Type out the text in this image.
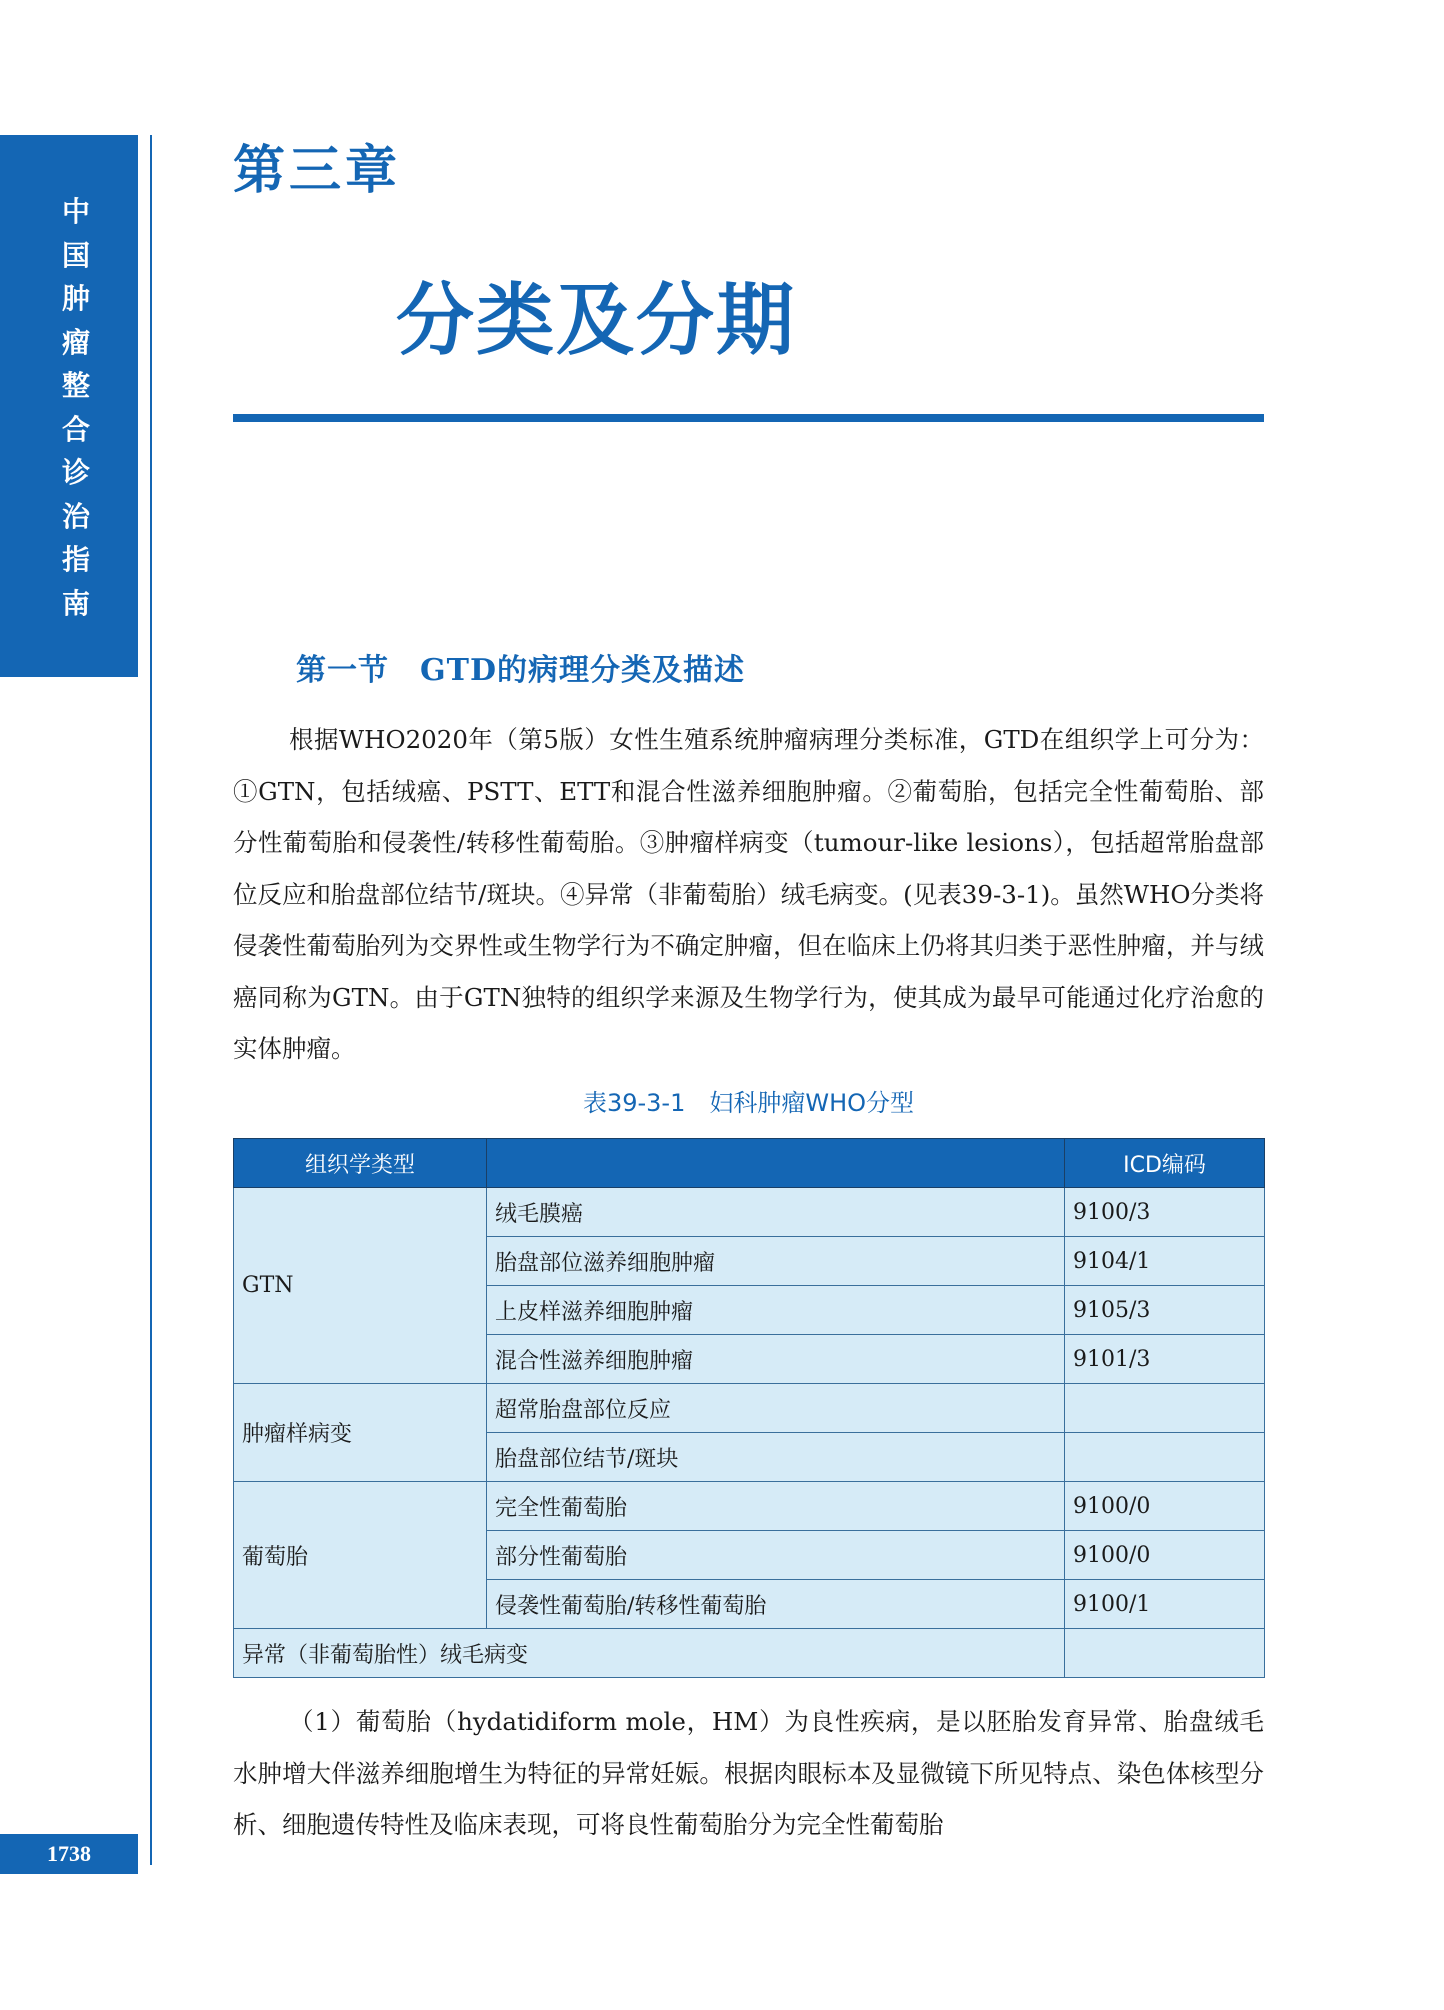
中国肿瘤整合诊治指南
1738
第三章
分类及分期
第一节　GTD的病理分类及描述
根据WHO2020年（第5版）女性生殖系统肿瘤病理分类标准，GTD在组织学上可分为：①GTN，包括绒癌、PSTT、ETT和混合性滋养细胞肿瘤。②葡萄胎，包括完全性葡萄胎、部分性葡萄胎和侵袭性/转移性葡萄胎。③肿瘤样病变（tumour-like lesions），包括超常胎盘部位反应和胎盘部位结节/斑块。④异常（非葡萄胎）绒毛病变。(见表39-3-1)。虽然WHO分类将侵袭性葡萄胎列为交界性或生物学行为不确定肿瘤，但在临床上仍将其归类于恶性肿瘤，并与绒癌同称为GTN。由于GTN独特的组织学来源及生物学行为，使其成为最早可能通过化疗治愈的实体肿瘤。
表39-3-1　妇科肿瘤WHO分型
组织学类型		ICD编码
GTN	绒毛膜癌	9100/3
	胎盘部位滋养细胞肿瘤	9104/1
	上皮样滋养细胞肿瘤	9105/3
	混合性滋养细胞肿瘤	9101/3
肿瘤样病变	超常胎盘部位反应	
	胎盘部位结节/斑块	
葡萄胎	完全性葡萄胎	9100/0
	部分性葡萄胎	9100/0
	侵袭性葡萄胎/转移性葡萄胎	9100/1
异常（非葡萄胎性）绒毛病变		
（1）葡萄胎（hydatidiform mole，HM）为良性疾病，是以胚胎发育异常、胎盘绒毛水肿增大伴滋养细胞增生为特征的异常妊娠。根据肉眼标本及显微镜下所见特点、染色体核型分析、细胞遗传特性及临床表现，可将良性葡萄胎分为完全性葡萄胎
